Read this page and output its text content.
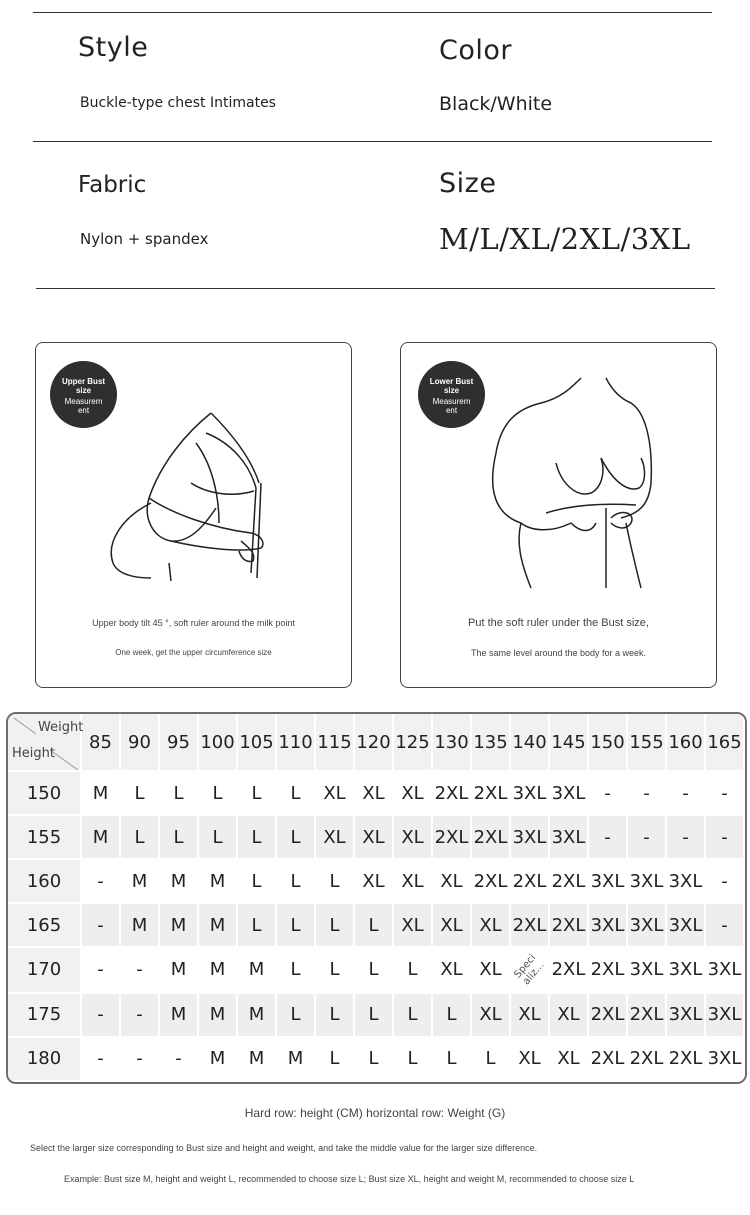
Style
Buckle-type chest Intimates
Color
Black/White
Fabric
Nylon + spandex
Size
M/L/XL/2XL/3XL
Upper Bust size
Measurem ent
Upper body tilt 45 °, soft ruler around the milk point
One week, get the upper circumference size
Lower Bust size
Measurem ent
Put the soft ruler under the Bust size,
The same level around the body for a week.
Weight
Height	85	90	95	100	105	110	115	120	125	130	135	140	145	150	155	160	165
150	M	L	L	L	L	L	XL	XL	XL	2XL	2XL	3XL	3XL	-	-	-	-
155	M	L	L	L	L	L	XL	XL	XL	2XL	2XL	3XL	3XL	-	-	-	-
160	-	M	M	M	L	L	L	XL	XL	XL	2XL	2XL	2XL	3XL	3XL	3XL	-
165	-	M	M	M	L	L	L	L	XL	XL	XL	2XL	2XL	3XL	3XL	3XL	-
170	-	-	M	M	M	L	L	L	L	XL	XL	Speci aliz...	2XL	2XL	3XL	3XL	3XL
175	-	-	M	M	M	L	L	L	L	L	XL	XL	XL	2XL	2XL	3XL	3XL
180	-	-	-	M	M	M	L	L	L	L	L	XL	XL	2XL	2XL	2XL	3XL
Hard row: height (CM) horizontal row: Weight (G)
Select the larger size corresponding to Bust size and height and weight, and take the middle value for the larger size difference.
Example: Bust size M, height and weight L, recommended to choose size L; Bust size XL, height and weight M, recommended to choose size L
